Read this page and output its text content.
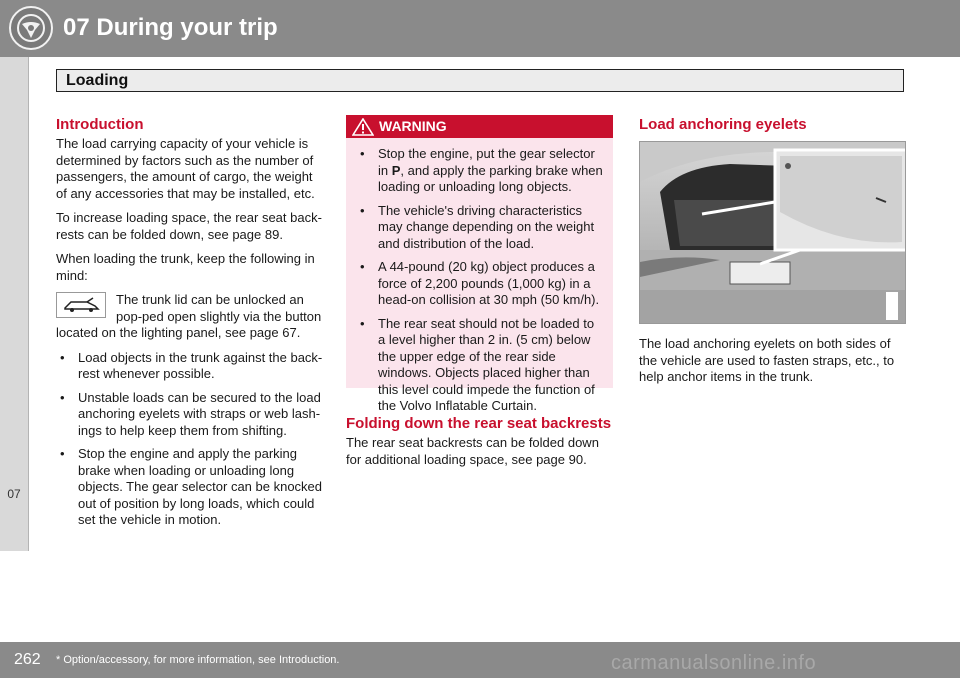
07 During your trip
Loading
07
Introduction

The load carrying capacity of your vehicle is determined by factors such as the number of passengers, the amount of cargo, the weight of any accessories that may be installed, etc.

To increase loading space, the rear seat back-rests can be folded down, see page 89.

When loading the trunk, keep the following in mind:

The trunk lid can be unlocked an pop-ped open slightly via the button located on the lighting panel, see page 67.
• Load objects in the trunk against the back-rest whenever possible.
• Unstable loads can be secured to the load anchoring eyelets with straps or web lash-ings to help keep them from shifting.
• Stop the engine and apply the parking brake when loading or unloading long objects. The gear selector can be knocked out of position by long loads, which could set the vehicle in motion.
WARNING
• Stop the engine, put the gear selector in P, and apply the parking brake when loading or unloading long objects.
• The vehicle's driving characteristics may change depending on the weight and distribution of the load.
• A 44-pound (20 kg) object produces a force of 2,200 pounds (1,000 kg) in a head-on collision at 30 mph (50 km/h).
• The rear seat should not be loaded to a level higher than 2 in. (5 cm) below the upper edge of the rear side windows. Objects placed higher than this level could impede the function of the Volvo Inflatable Curtain.
Folding down the rear seat backrests

The rear seat backrests can be folded down for additional loading space, see page 90.

Load anchoring eyelets

The load anchoring eyelets on both sides of the vehicle are used to fasten straps, etc., to help anchor items in the trunk.

262 * Option/accessory, for more information, see Introduction.	carmanualsonline.info
